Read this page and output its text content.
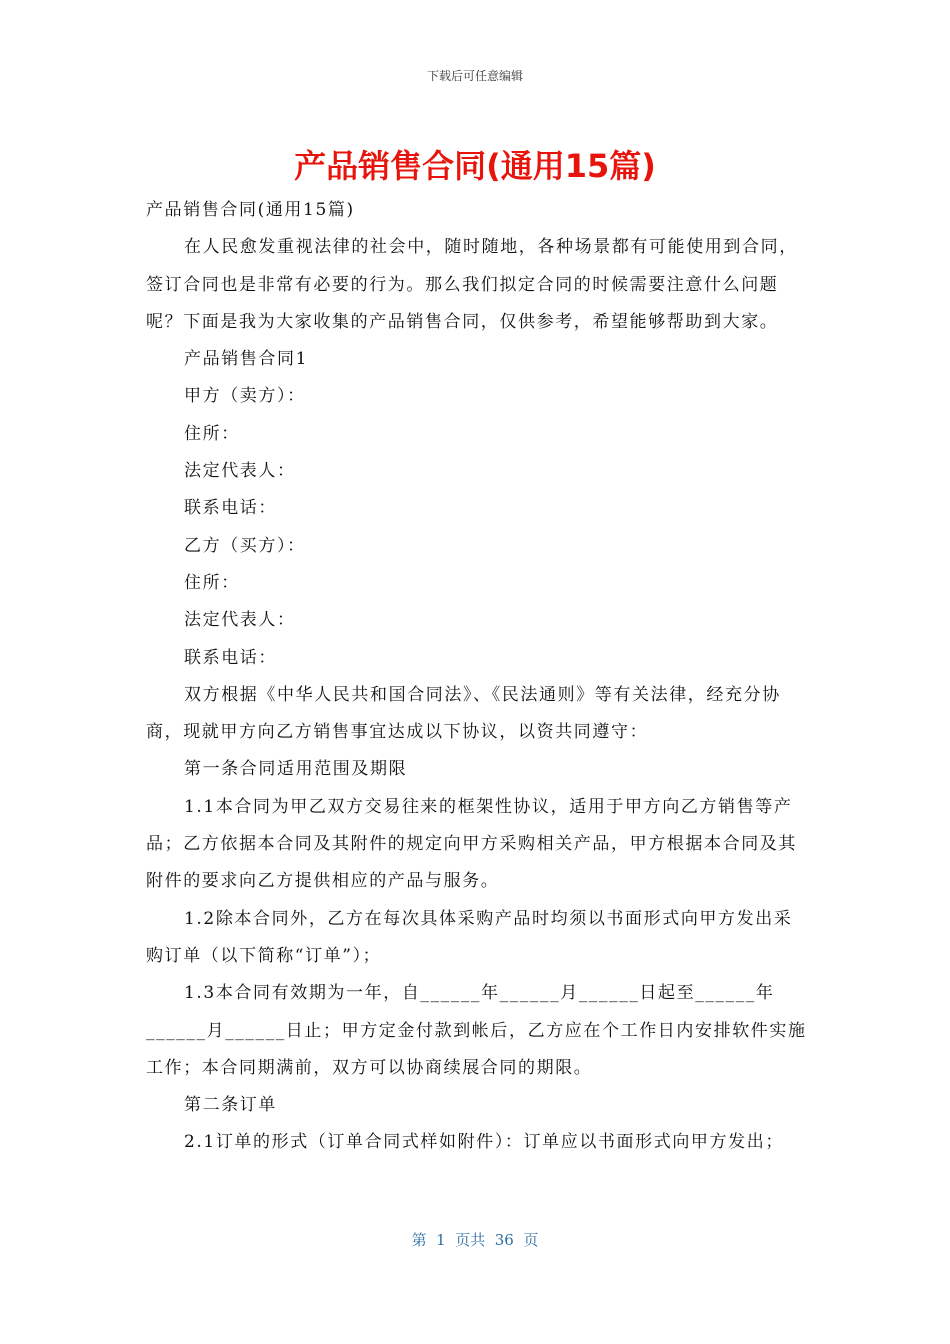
下载后可任意编辑
产品销售合同(通用15篇)

产品销售合同(通用15篇)

在人民愈发重视法律的社会中，随时随地，各种场景都有可能使用到合同，签订合同也是非常有必要的行为。那么我们拟定合同的时候需要注意什么问题呢？下面是我为大家收集的产品销售合同，仅供参考，希望能够帮助到大家。

产品销售合同1

甲方（卖方）：

住所：

法定代表人：

联系电话：

乙方（买方）：

住所：

法定代表人：

联系电话：

双方根据《中华人民共和国合同法》、《民法通则》等有关法律，经充分协商，现就甲方向乙方销售事宜达成以下协议，以资共同遵守：

第一条合同适用范围及期限

1.1本合同为甲乙双方交易往来的框架性协议，适用于甲方向乙方销售等产品；乙方依据本合同及其附件的规定向甲方采购相关产品，甲方根据本合同及其附件的要求向乙方提供相应的产品与服务。

1.2除本合同外，乙方在每次具体采购产品时均须以书面形式向甲方发出采购订单（以下简称“订单”）；

1.3本合同有效期为一年，自______年______月______日起至______年______月______日止；甲方定金付款到帐后，乙方应在个工作日内安排软件实施工作；本合同期满前，双方可以协商续展合同的期限。

第二条订单

2.1订单的形式（订单合同式样如附件）：订单应以书面形式向甲方发出；

第  1  页共  36  页
